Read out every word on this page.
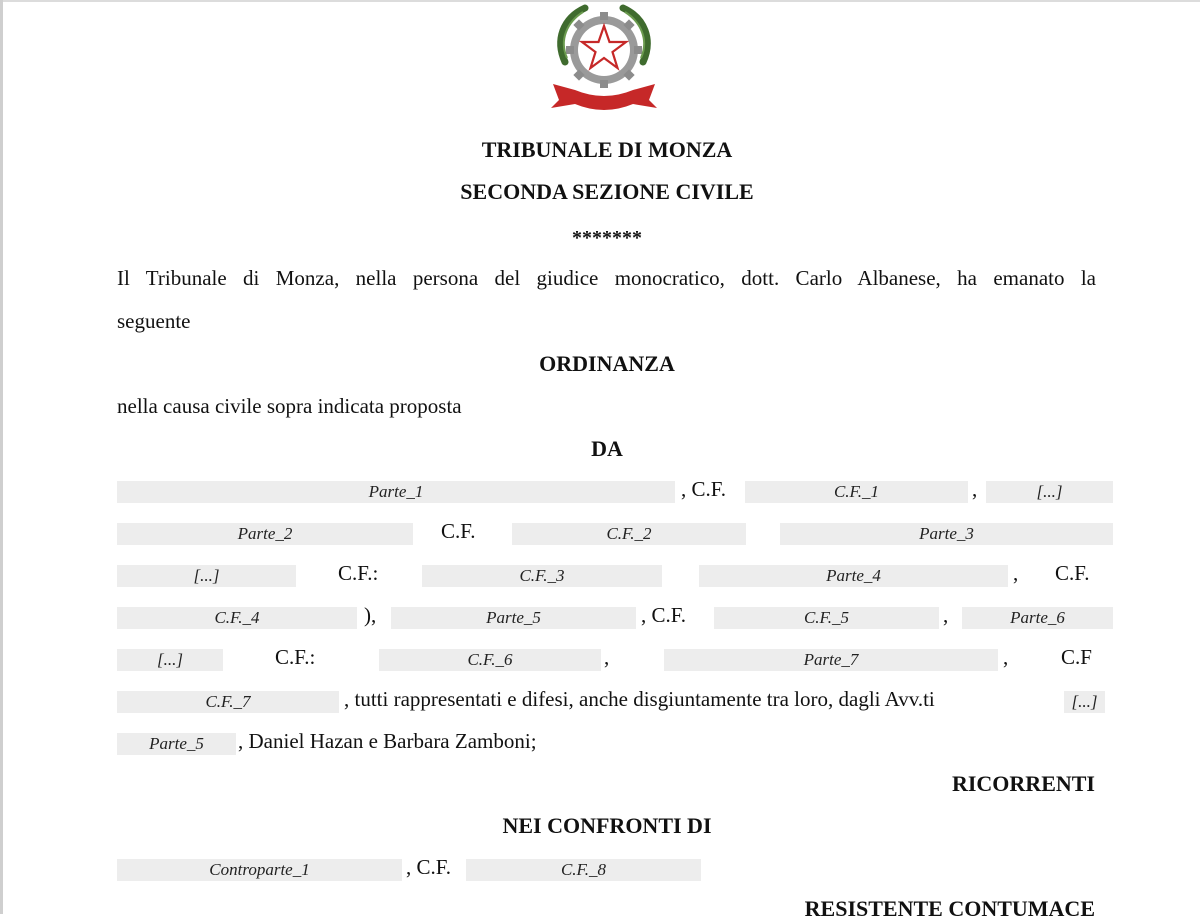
TRIBUNALE DI MONZA
SECONDA SEZIONE CIVILE
*******
Il Tribunale di Monza, nella persona del giudice monocratico, dott. Carlo Albanese, ha emanato la
seguente
ORDINANZA
nella causa civile sopra indicata proposta
DA
Parte_1	, C.F.	C.F._1	,	[...]
Parte_2	C.F.	C.F._2	Parte_3
[...]	C.F.:	C.F._3	Parte_4	, C.F.
C.F._4	),	Parte_5	, C.F.	C.F._5	,	Parte_6
[...]	C.F.:	C.F._6	,	Parte_7	,	C.F
C.F._7	, tutti rappresentati e difesi, anche disgiuntamente tra loro, dagli Avv.ti	[...]
Parte_5	, Daniel Hazan e Barbara Zamboni;
RICORRENTI
NEI CONFRONTI DI
Controparte_1	, C.F.	C.F._8
RESISTENTE CONTUMACE
